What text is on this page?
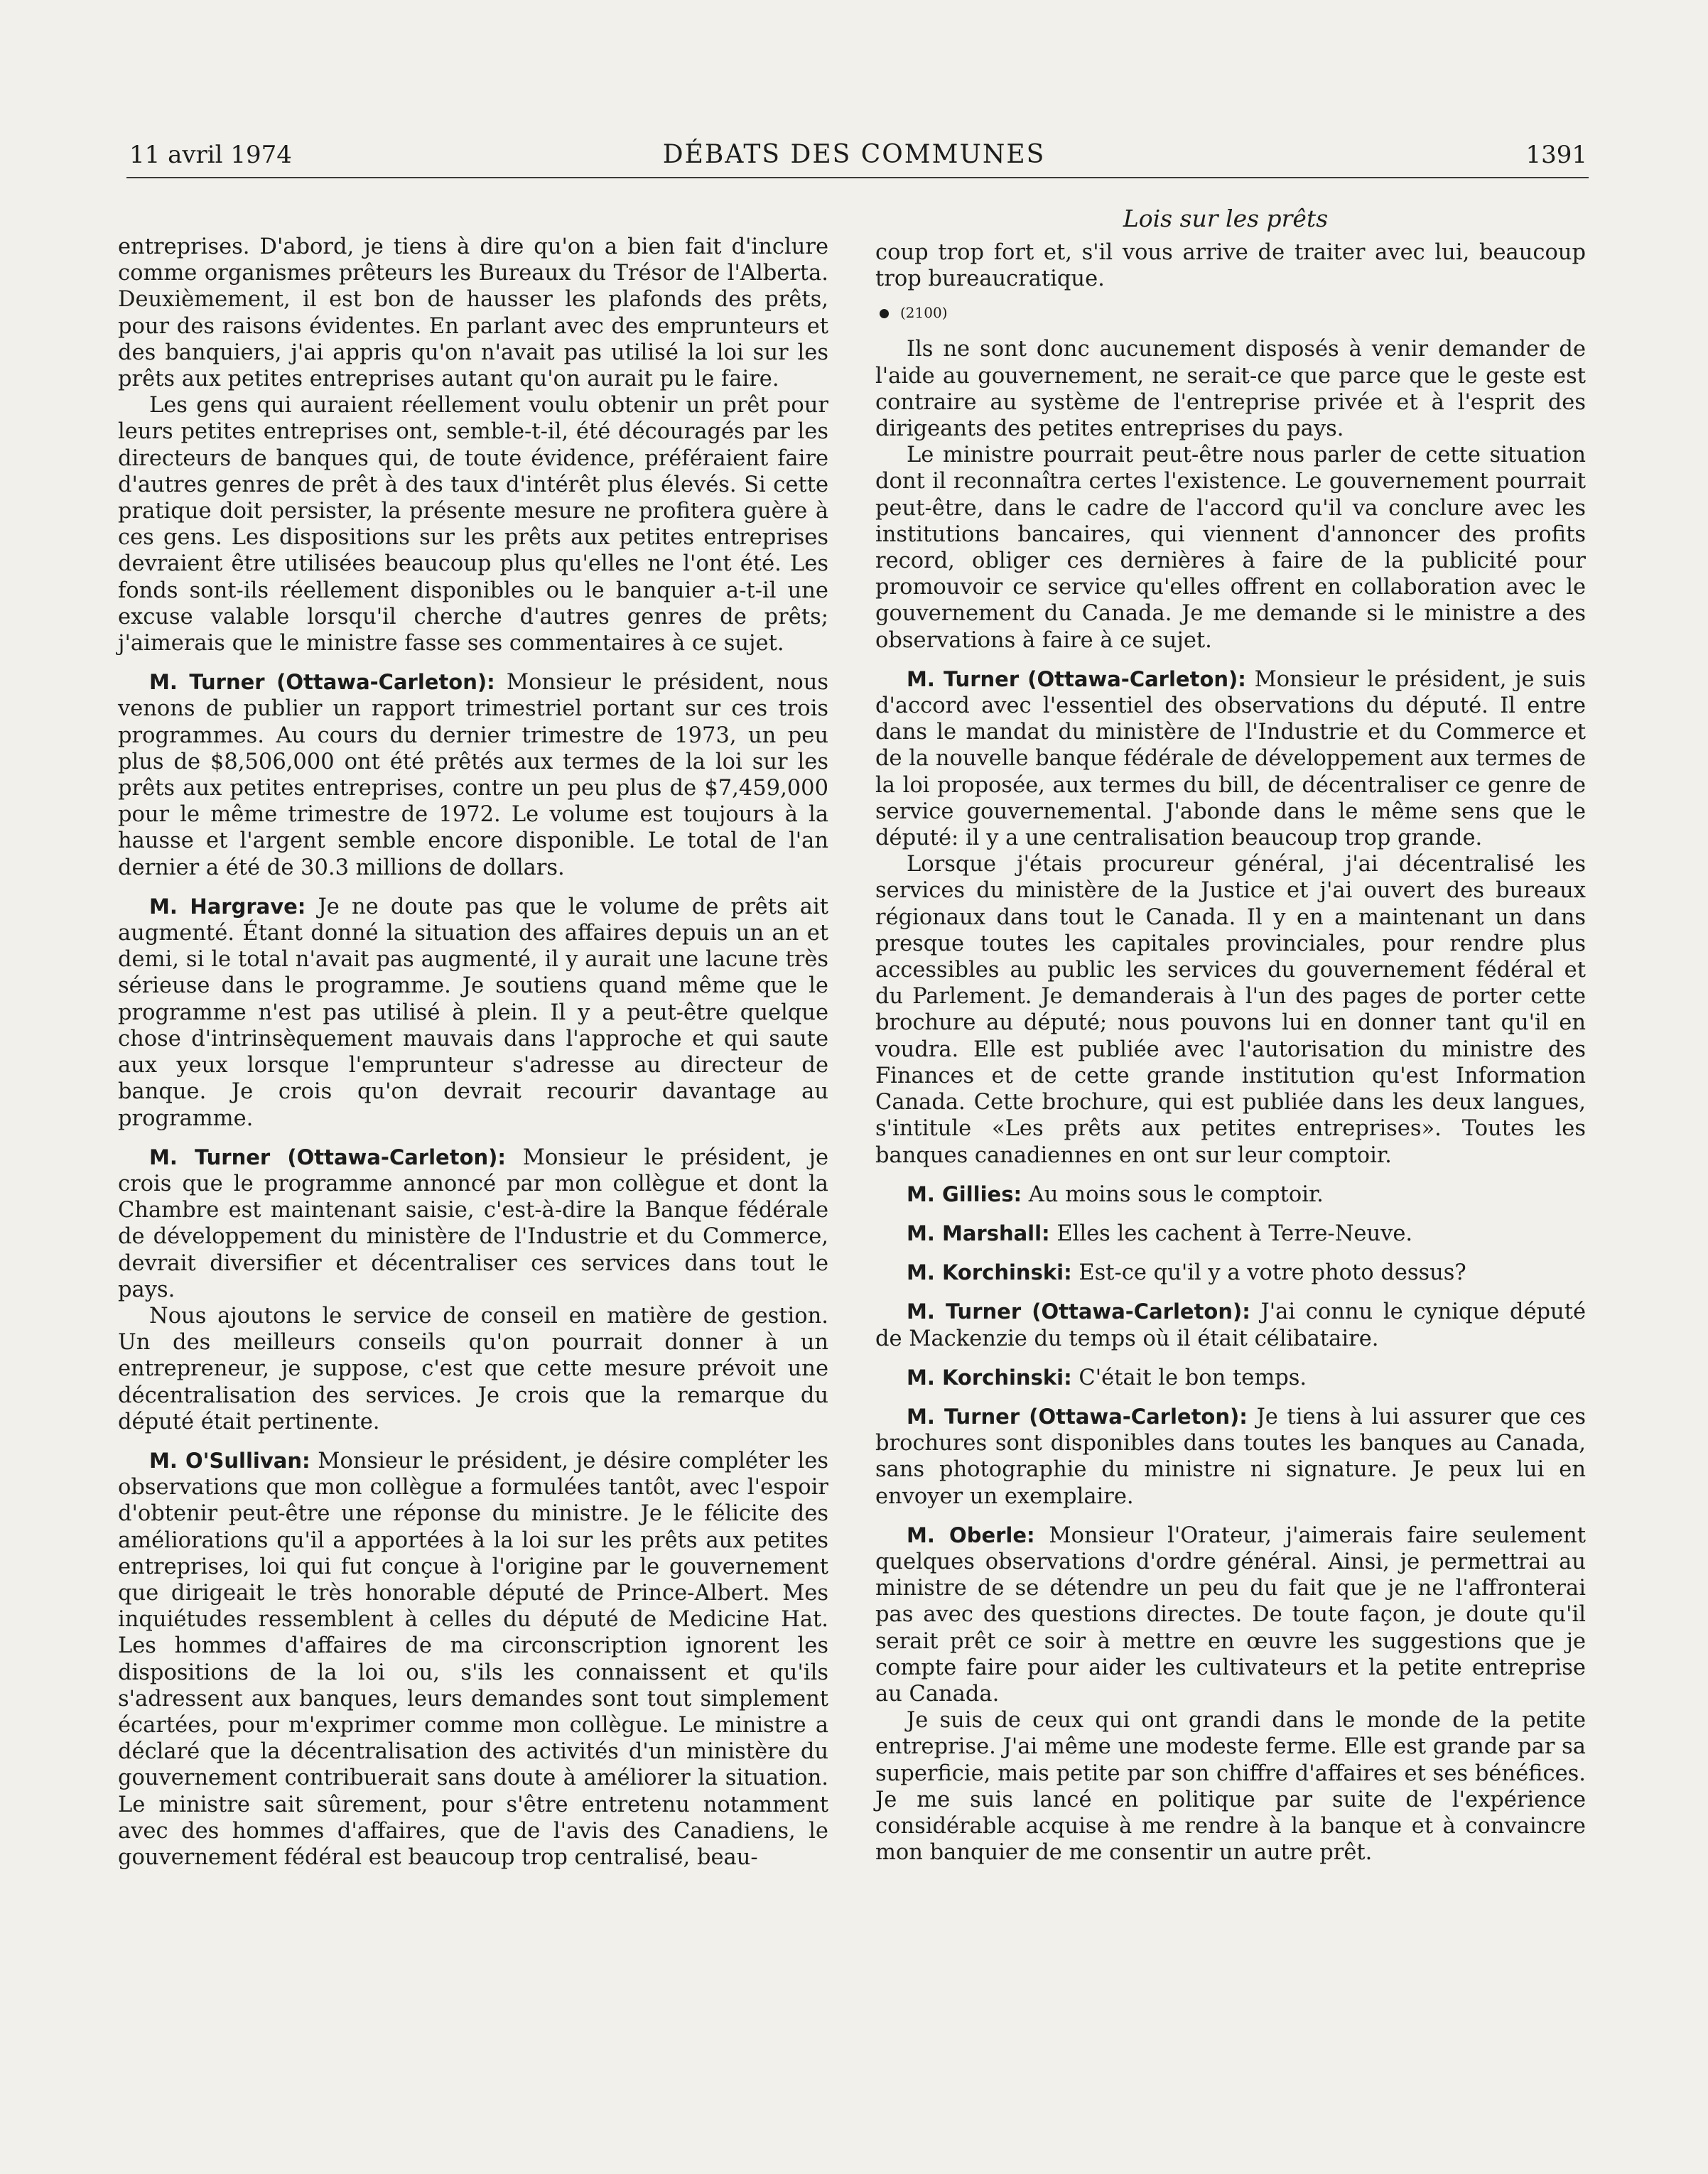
11 avril 1974	DÉBATS DES COMMUNES	1391
Lois sur les prêts

entreprises. D'abord, je tiens à dire qu'on a bien fait d'inclure comme organismes prêteurs les Bureaux du Trésor de l'Alberta. Deuxièmement, il est bon de hausser les plafonds des prêts, pour des raisons évidentes. En parlant avec des emprunteurs et des banquiers, j'ai appris qu'on n'avait pas utilisé la loi sur les prêts aux petites entreprises autant qu'on aurait pu le faire.

Les gens qui auraient réellement voulu obtenir un prêt pour leurs petites entreprises ont, semble-t-il, été découragés par les directeurs de banques qui, de toute évidence, préféraient faire d'autres genres de prêt à des taux d'intérêt plus élevés. Si cette pratique doit persister, la présente mesure ne profitera guère à ces gens. Les dispositions sur les prêts aux petites entreprises devraient être utilisées beaucoup plus qu'elles ne l'ont été. Les fonds sont-ils réellement disponibles ou le banquier a-t-il une excuse valable lorsqu'il cherche d'autres genres de prêts; j'aimerais que le ministre fasse ses commentaires à ce sujet.

M. Turner (Ottawa-Carleton): Monsieur le président, nous venons de publier un rapport trimestriel portant sur ces trois programmes. Au cours du dernier trimestre de 1973, un peu plus de $8,506,000 ont été prêtés aux termes de la loi sur les prêts aux petites entreprises, contre un peu plus de $7,459,000 pour le même trimestre de 1972. Le volume est toujours à la hausse et l'argent semble encore disponible. Le total de l'an dernier a été de 30.3 millions de dollars.

M. Hargrave: Je ne doute pas que le volume de prêts ait augmenté. Étant donné la situation des affaires depuis un an et demi, si le total n'avait pas augmenté, il y aurait une lacune très sérieuse dans le programme. Je soutiens quand même que le programme n'est pas utilisé à plein. Il y a peut-être quelque chose d'intrinsèquement mauvais dans l'approche et qui saute aux yeux lorsque l'emprunteur s'adresse au directeur de banque. Je crois qu'on devrait recourir davantage au programme.

M. Turner (Ottawa-Carleton): Monsieur le président, je crois que le programme annoncé par mon collègue et dont la Chambre est maintenant saisie, c'est-à-dire la Banque fédérale de développement du ministère de l'Industrie et du Commerce, devrait diversifier et décentraliser ces services dans tout le pays.

Nous ajoutons le service de conseil en matière de gestion. Un des meilleurs conseils qu'on pourrait donner à un entrepreneur, je suppose, c'est que cette mesure prévoit une décentralisation des services. Je crois que la remarque du député était pertinente.

M. O'Sullivan: Monsieur le président, je désire compléter les observations que mon collègue a formulées tantôt, avec l'espoir d'obtenir peut-être une réponse du ministre. Je le félicite des améliorations qu'il a apportées à la loi sur les prêts aux petites entreprises, loi qui fut conçue à l'origine par le gouvernement que dirigeait le très honorable député de Prince-Albert. Mes inquiétudes ressemblent à celles du député de Medicine Hat. Les hommes d'affaires de ma circonscription ignorent les dispositions de la loi ou, s'ils les connaissent et qu'ils s'adressent aux banques, leurs demandes sont tout simplement écartées, pour m'exprimer comme mon collègue. Le ministre a déclaré que la décentralisation des activités d'un ministère du gouvernement contribuerait sans doute à améliorer la situation. Le ministre sait sûrement, pour s'être entretenu notamment avec des hommes d'affaires, que de l'avis des Canadiens, le gouvernement fédéral est beaucoup trop centralisé, beau-

coup trop fort et, s'il vous arrive de traiter avec lui, beaucoup trop bureaucratique.

(2100)

Ils ne sont donc aucunement disposés à venir demander de l'aide au gouvernement, ne serait-ce que parce que le geste est contraire au système de l'entreprise privée et à l'esprit des dirigeants des petites entreprises du pays.

Le ministre pourrait peut-être nous parler de cette situation dont il reconnaîtra certes l'existence. Le gouvernement pourrait peut-être, dans le cadre de l'accord qu'il va conclure avec les institutions bancaires, qui viennent d'annoncer des profits record, obliger ces dernières à faire de la publicité pour promouvoir ce service qu'elles offrent en collaboration avec le gouvernement du Canada. Je me demande si le ministre a des observations à faire à ce sujet.

M. Turner (Ottawa-Carleton): Monsieur le président, je suis d'accord avec l'essentiel des observations du député. Il entre dans le mandat du ministère de l'Industrie et du Commerce et de la nouvelle banque fédérale de développement aux termes de la loi proposée, aux termes du bill, de décentraliser ce genre de service gouvernemental. J'abonde dans le même sens que le député: il y a une centralisation beaucoup trop grande.

Lorsque j'étais procureur général, j'ai décentralisé les services du ministère de la Justice et j'ai ouvert des bureaux régionaux dans tout le Canada. Il y en a maintenant un dans presque toutes les capitales provinciales, pour rendre plus accessibles au public les services du gouvernement fédéral et du Parlement. Je demanderais à l'un des pages de porter cette brochure au député; nous pouvons lui en donner tant qu'il en voudra. Elle est publiée avec l'autorisation du ministre des Finances et de cette grande institution qu'est Information Canada. Cette brochure, qui est publiée dans les deux langues, s'intitule «Les prêts aux petites entreprises». Toutes les banques canadiennes en ont sur leur comptoir.

M. Gillies: Au moins sous le comptoir.

M. Marshall: Elles les cachent à Terre-Neuve.

M. Korchinski: Est-ce qu'il y a votre photo dessus?

M. Turner (Ottawa-Carleton): J'ai connu le cynique député de Mackenzie du temps où il était célibataire.

M. Korchinski: C'était le bon temps.

M. Turner (Ottawa-Carleton): Je tiens à lui assurer que ces brochures sont disponibles dans toutes les banques au Canada, sans photographie du ministre ni signature. Je peux lui en envoyer un exemplaire.

M. Oberle: Monsieur l'Orateur, j'aimerais faire seulement quelques observations d'ordre général. Ainsi, je permettrai au ministre de se détendre un peu du fait que je ne l'affronterai pas avec des questions directes. De toute façon, je doute qu'il serait prêt ce soir à mettre en œuvre les suggestions que je compte faire pour aider les cultivateurs et la petite entreprise au Canada.

Je suis de ceux qui ont grandi dans le monde de la petite entreprise. J'ai même une modeste ferme. Elle est grande par sa superficie, mais petite par son chiffre d'affaires et ses bénéfices. Je me suis lancé en politique par suite de l'expérience considérable acquise à me rendre à la banque et à convaincre mon banquier de me consentir un autre prêt.
